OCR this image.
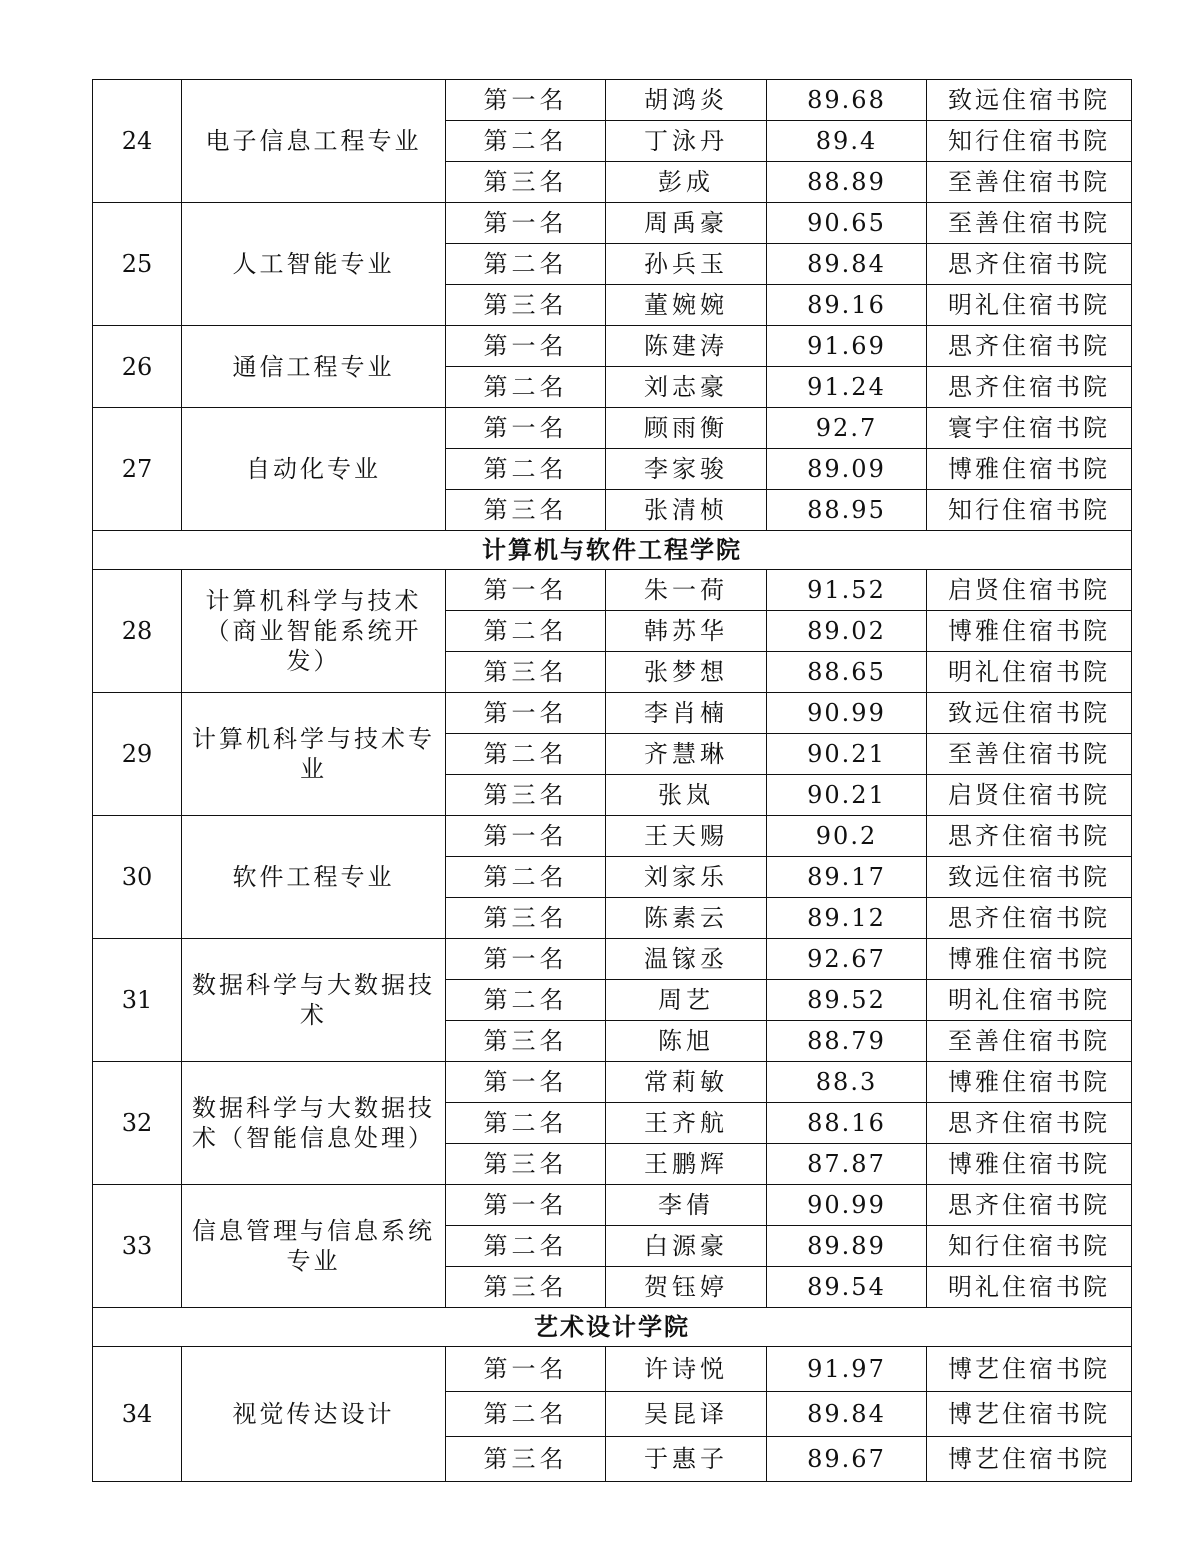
24	电子信息工程专业	第一名	胡鸿炎	89.68	致远住宿书院
		第二名	丁泳丹	89.4	知行住宿书院
		第三名	彭成	88.89	至善住宿书院
25	人工智能专业	第一名	周禹豪	90.65	至善住宿书院
		第二名	孙兵玉	89.84	思齐住宿书院
		第三名	董婉婉	89.16	明礼住宿书院
26	通信工程专业	第一名	陈建涛	91.69	思齐住宿书院
		第二名	刘志豪	91.24	思齐住宿书院
27	自动化专业	第一名	顾雨衡	92.7	寰宇住宿书院
		第二名	李家骏	89.09	博雅住宿书院
		第三名	张清桢	88.95	知行住宿书院
计算机与软件工程学院					
28	计算机科学与技术（商业智能系统开发）	第一名	朱一荷	91.52	启贤住宿书院
		第二名	韩苏华	89.02	博雅住宿书院
		第三名	张梦想	88.65	明礼住宿书院
29	计算机科学与技术专业	第一名	李肖楠	90.99	致远住宿书院
		第二名	齐慧琳	90.21	至善住宿书院
		第三名	张岚	90.21	启贤住宿书院
30	软件工程专业	第一名	王天赐	90.2	思齐住宿书院
		第二名	刘家乐	89.17	致远住宿书院
		第三名	陈素云	89.12	思齐住宿书院
31	数据科学与大数据技术	第一名	温镓丞	92.67	博雅住宿书院
		第二名	周艺	89.52	明礼住宿书院
		第三名	陈旭	88.79	至善住宿书院
32	数据科学与大数据技术（智能信息处理）	第一名	常莉敏	88.3	博雅住宿书院
		第二名	王齐航	88.16	思齐住宿书院
		第三名	王鹏辉	87.87	博雅住宿书院
33	信息管理与信息系统专业	第一名	李倩	90.99	思齐住宿书院
		第二名	白源豪	89.89	知行住宿书院
		第三名	贺钰婷	89.54	明礼住宿书院
艺术设计学院					
34	视觉传达设计	第一名	许诗悦	91.97	博艺住宿书院
		第二名	吴昆译	89.84	博艺住宿书院
		第三名	于惠子	89.67	博艺住宿书院
